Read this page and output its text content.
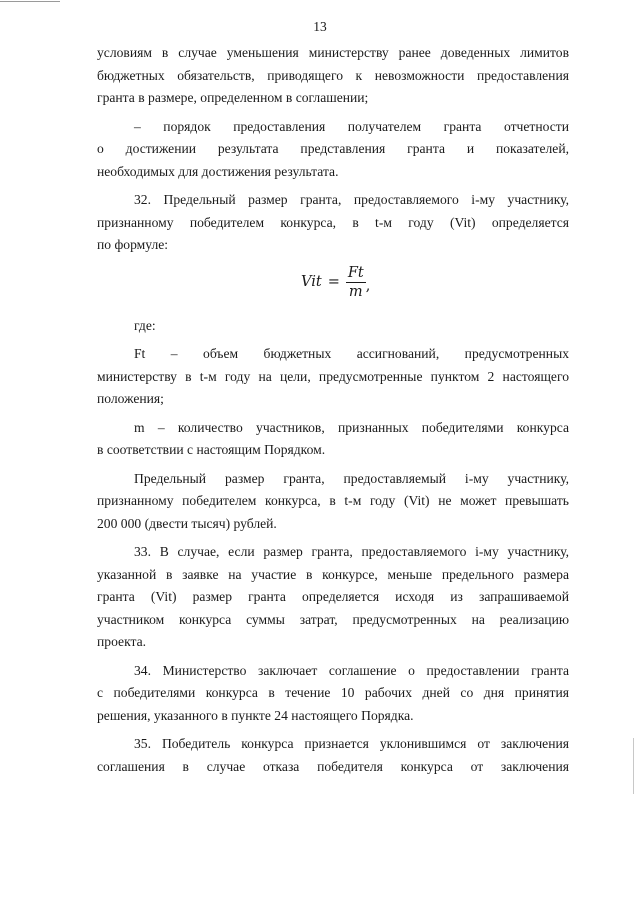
13
условиям в случае уменьшения министерству ранее доведенных лимитов
бюджетных обязательств, приводящего к невозможности предоставления
гранта в размере, определенном в соглашении;
– порядок предоставления получателем гранта отчетности
о достижении результата представления гранта и показателей,
необходимых для достижения результата.
32. Предельный размер гранта, предоставляемого i-му участнику,
признанному победителем конкурса, в t-м году (Vit) определяется
по формуле:
Vit = $\frac{Ft}{m}$ ,
где:
Ft – объем бюджетных ассигнований, предусмотренных
министерству в t-м году на цели, предусмотренные пунктом 2 настоящего
положения;
m – количество участников, признанных победителями конкурса
в соответствии с настоящим Порядком.
Предельный размер гранта, предоставляемый i-му участнику,
признанному победителем конкурса, в t-м году (Vit) не может превышать
200 000 (двести тысяч) рублей.
33. В случае, если размер гранта, предоставляемого i-му участнику,
указанной в заявке на участие в конкурсе, меньше предельного размера
гранта (Vit) размер гранта определяется исходя из запрашиваемой
участником конкурса суммы затрат, предусмотренных на реализацию
проекта.
34. Министерство заключает соглашение о предоставлении гранта
с победителями конкурса в течение 10 рабочих дней со дня принятия
решения, указанного в пункте 24 настоящего Порядка.
35. Победитель конкурса признается уклонившимся от заключения
соглашения в случае отказа победителя конкурса от заключения
